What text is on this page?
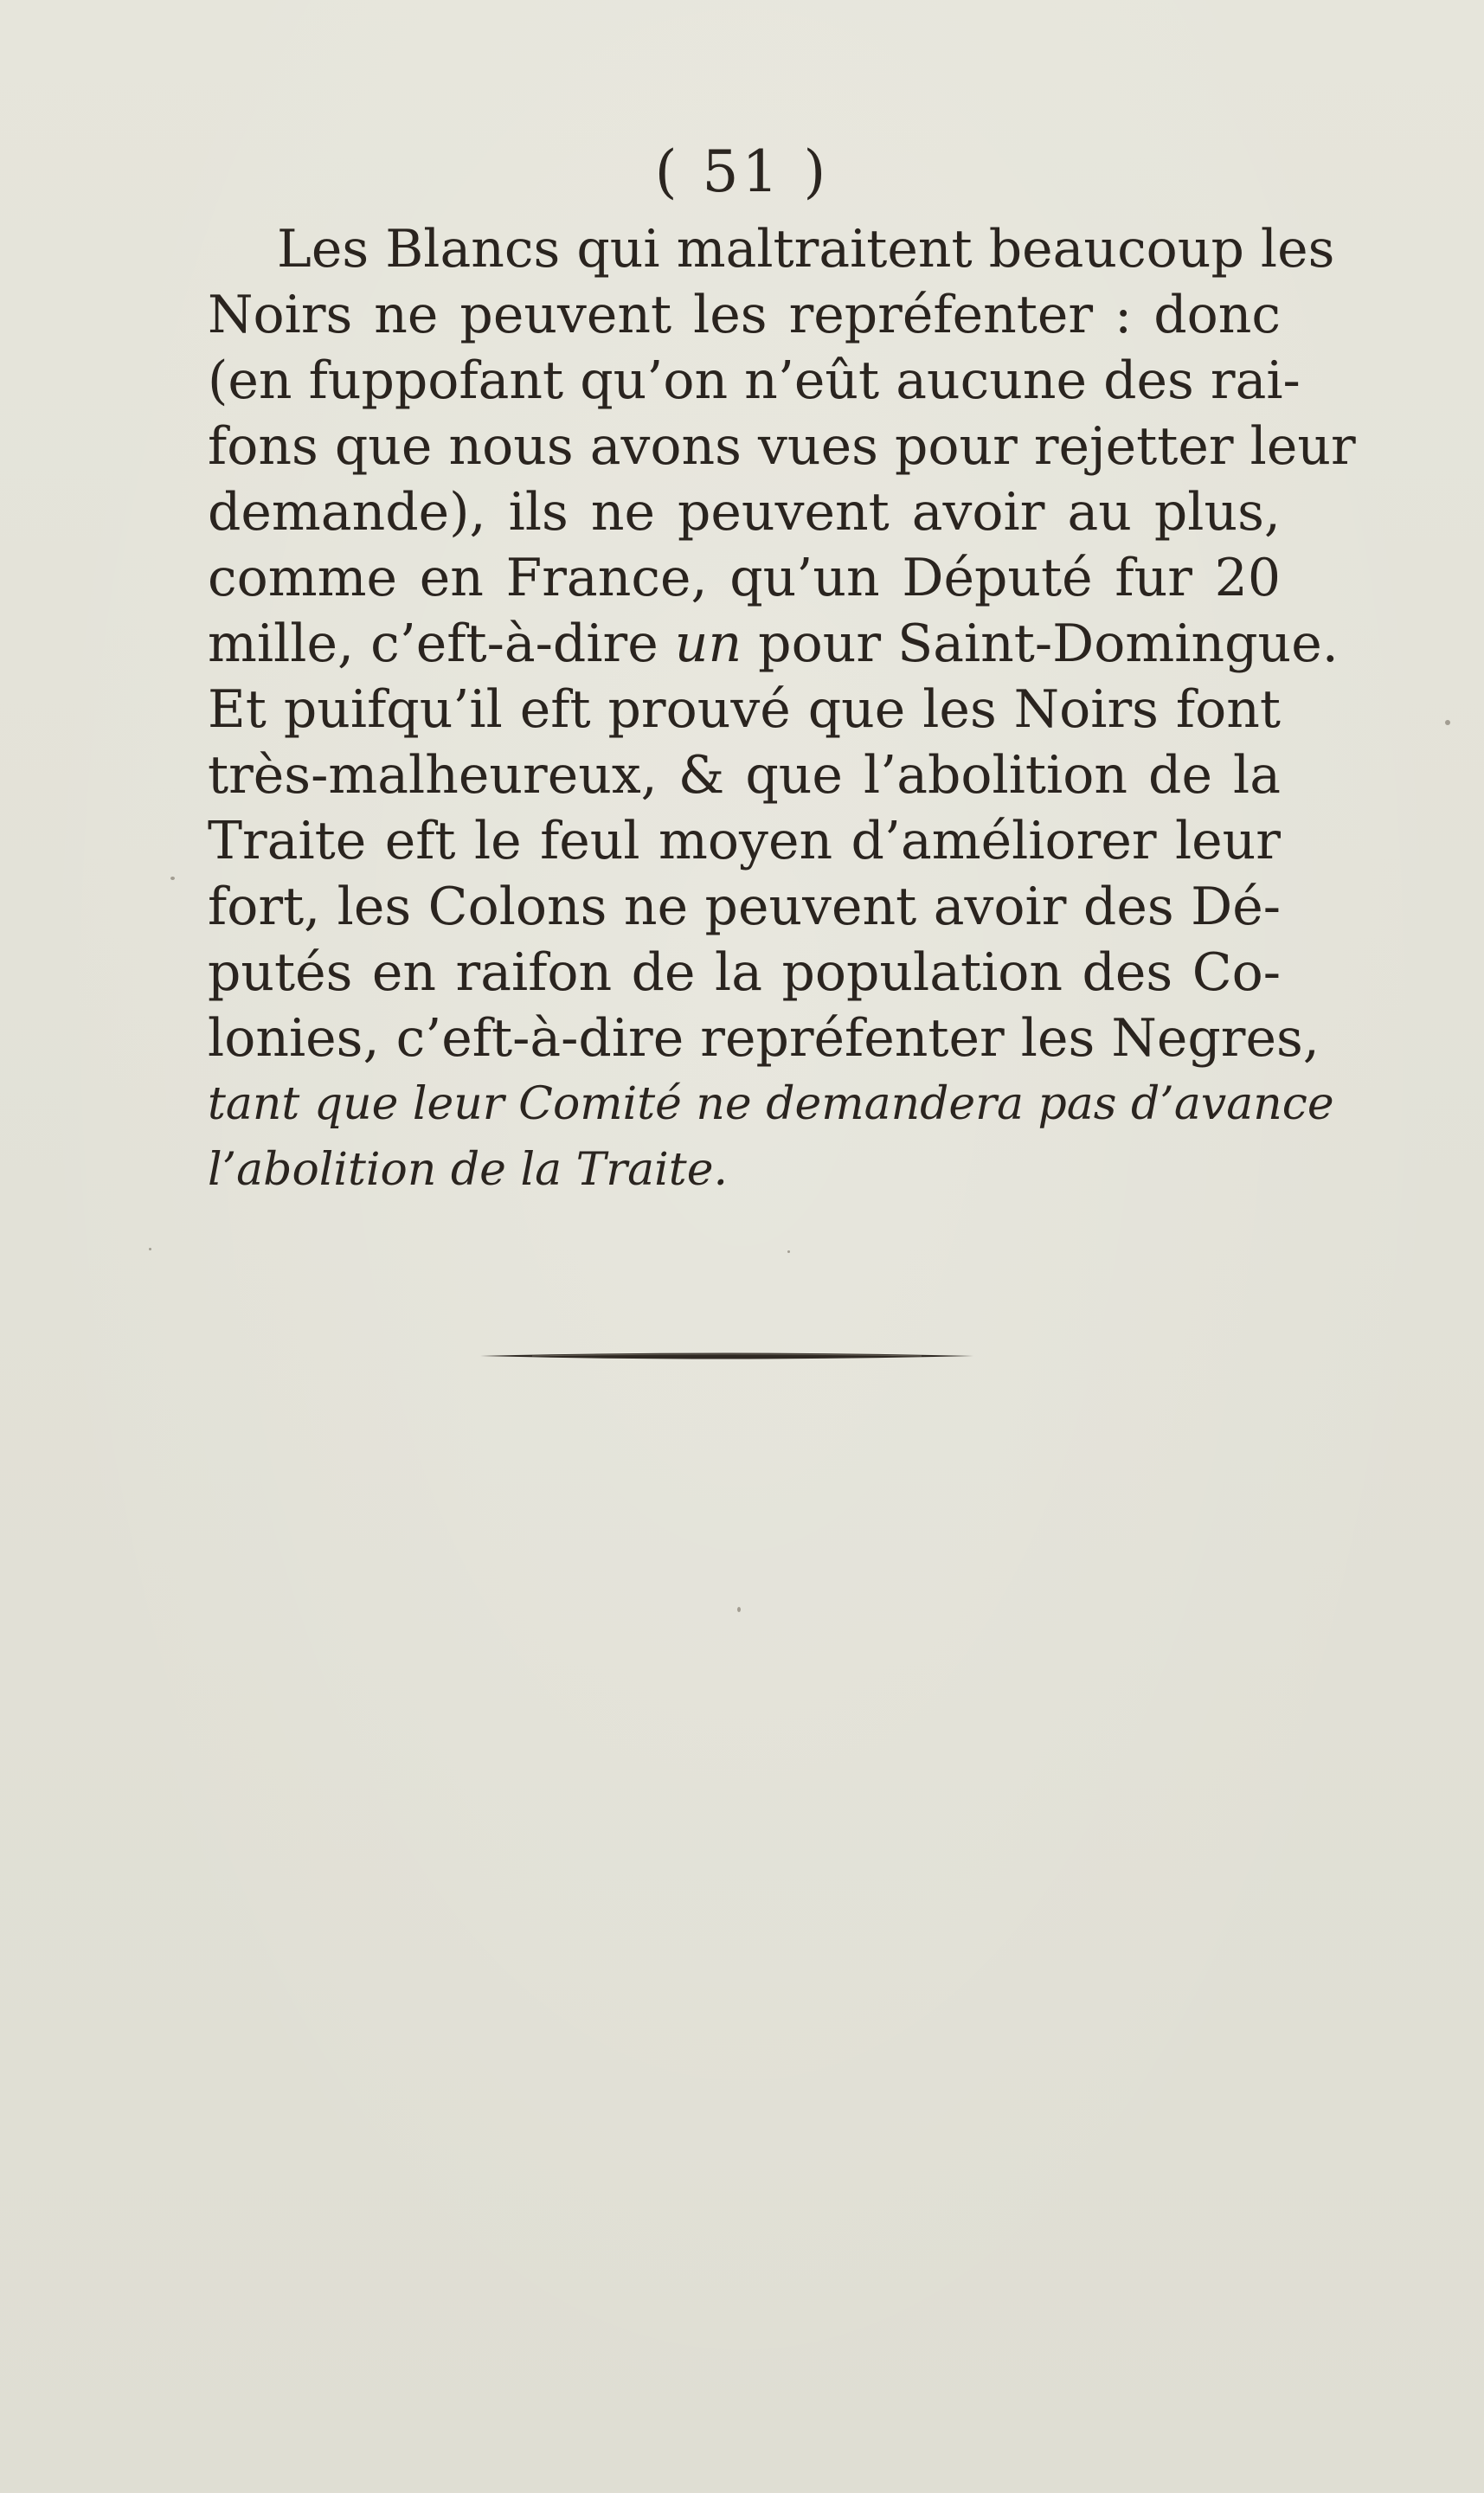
( 51 )
Les Blancs qui maltraitent beaucoup les
Noirs ne peuvent les repréfenter : donc
(en fuppofant qu’on n’eût aucune des rai-
fons que nous avons vues pour rejetter leur
demande), ils ne peuvent avoir au plus,
comme en France, qu’un Député fur 20
mille, c’eft-à-dire un pour Saint-Domingue.
Et puifqu’il eft prouvé que les Noirs font
très-malheureux, & que l’abolition de la
Traite eft le feul moyen d’améliorer leur
fort, les Colons ne peuvent avoir des Dé-
putés en raifon de la population des Co-
lonies, c’eft-à-dire repréfenter les Negres,
tant que leur Comité ne demandera pas d’avance
l’abolition de la Traite.
